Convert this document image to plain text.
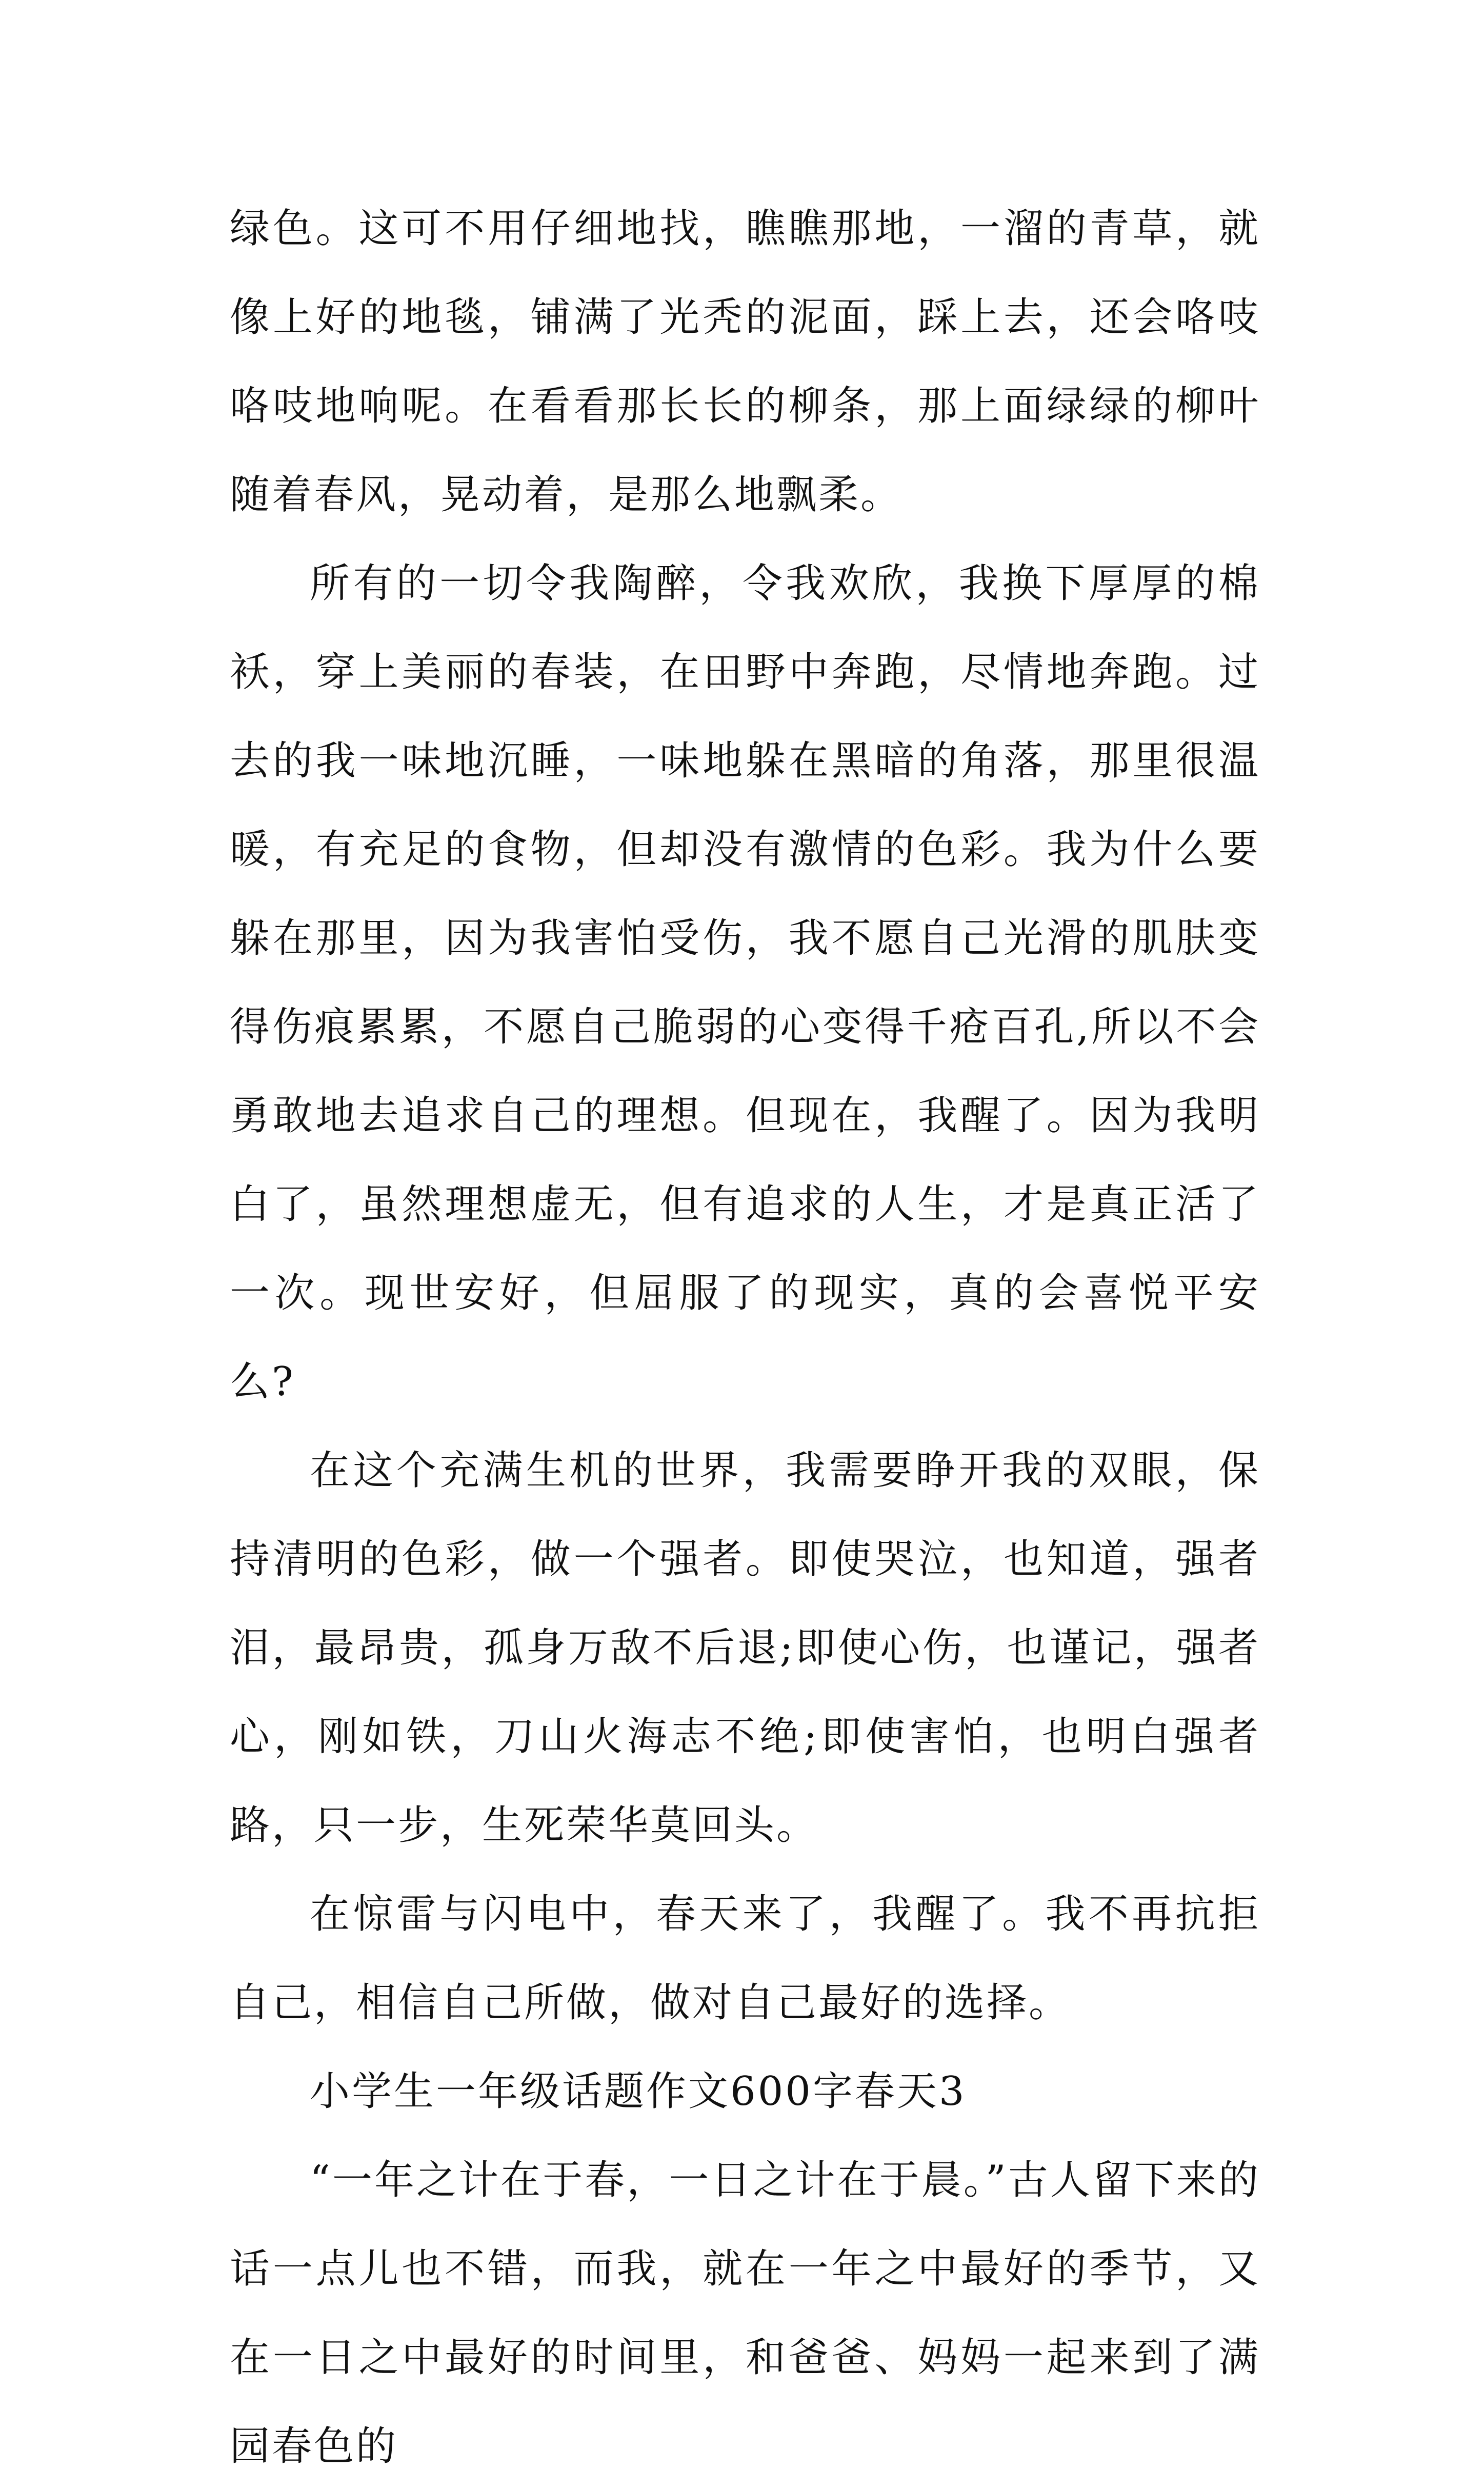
绿色。这可不用仔细地找，瞧瞧那地，一溜的青草，就像上好的地毯，铺满了光秃的泥面，踩上去，还会咯吱咯吱地响呢。在看看那长长的柳条，那上面绿绿的柳叶随着春风，晃动着，是那么地飘柔。

所有的一切令我陶醉，令我欢欣，我换下厚厚的棉袄，穿上美丽的春装，在田野中奔跑，尽情地奔跑。过去的我一味地沉睡，一味地躲在黑暗的角落，那里很温暖，有充足的食物，但却没有激情的色彩。我为什么要躲在那里，因为我害怕受伤，我不愿自己光滑的肌肤变得伤痕累累，不愿自己脆弱的心变得千疮百孔,所以不会勇敢地去追求自己的理想。但现在，我醒了。因为我明白了，虽然理想虚无，但有追求的人生，才是真正活了一次。现世安好，但屈服了的现实，真的会喜悦平安么?

在这个充满生机的世界，我需要睁开我的双眼，保持清明的色彩，做一个强者。即使哭泣，也知道，强者泪，最昂贵，孤身万敌不后退;即使心伤，也谨记，强者心，刚如铁，刀山火海志不绝;即使害怕，也明白强者路，只一步，生死荣华莫回头。

在惊雷与闪电中，春天来了，我醒了。我不再抗拒自己，相信自己所做，做对自己最好的选择。

小学生一年级话题作文600字春天3

“一年之计在于春，一日之计在于晨。”古人留下来的话一点儿也不错，而我，就在一年之中最好的季节，又在一日之中最好的时间里，和爸爸、妈妈一起来到了满园春色的
